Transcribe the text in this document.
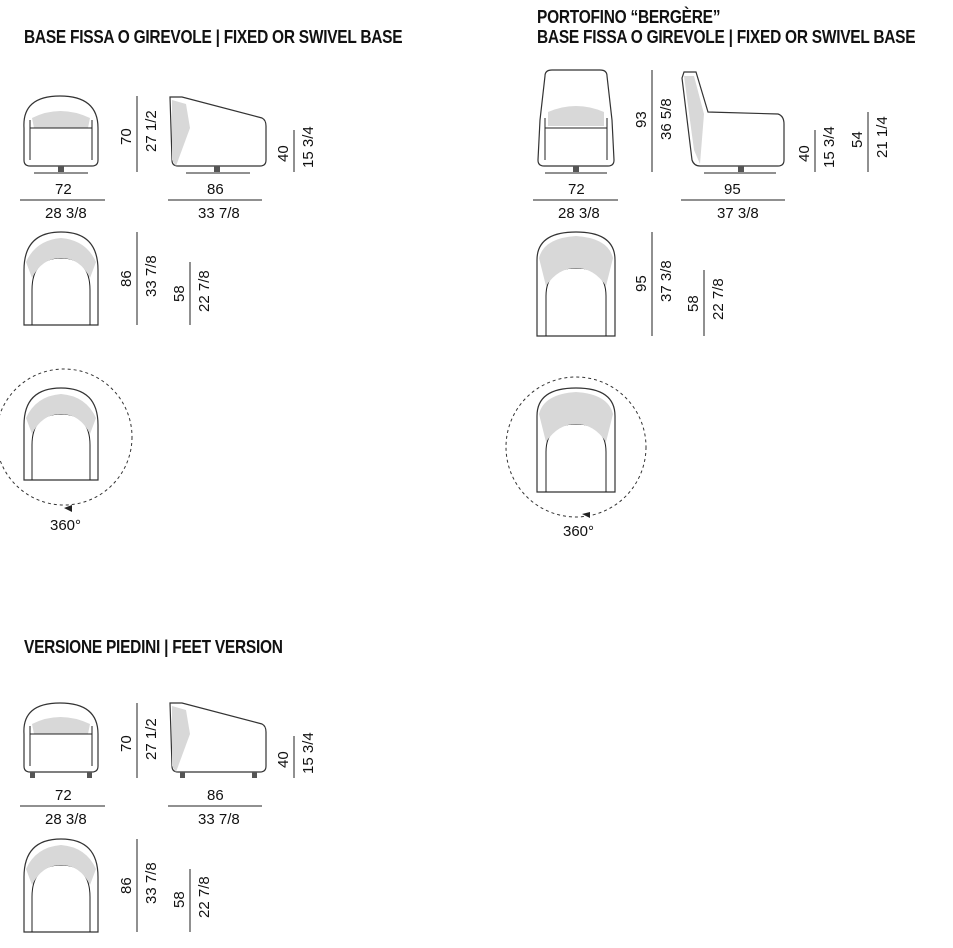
BASE FISSA O GIREVOLE | FIXED OR SWIVEL BASE
PORTOFINO “BERGÈRE”
BASE FISSA O GIREVOLE | FIXED OR SWIVEL BASE
VERSIONE PIEDINI | FEET VERSION
72
28 3/8
70 27 1/2
86
33 7/8
40 15 3/4
86 33 7/8 58 22 7/8
360°
72
28 3/8
93 36 5/8
95
37 3/8
40 15 3/4 54 21 1/4
95 37 3/8
58 22 7/8
360°
72
28 3/8
70 27 1/2
86
33 7/8
40 15 3/4
86 33 7/8 58 22 7/8
